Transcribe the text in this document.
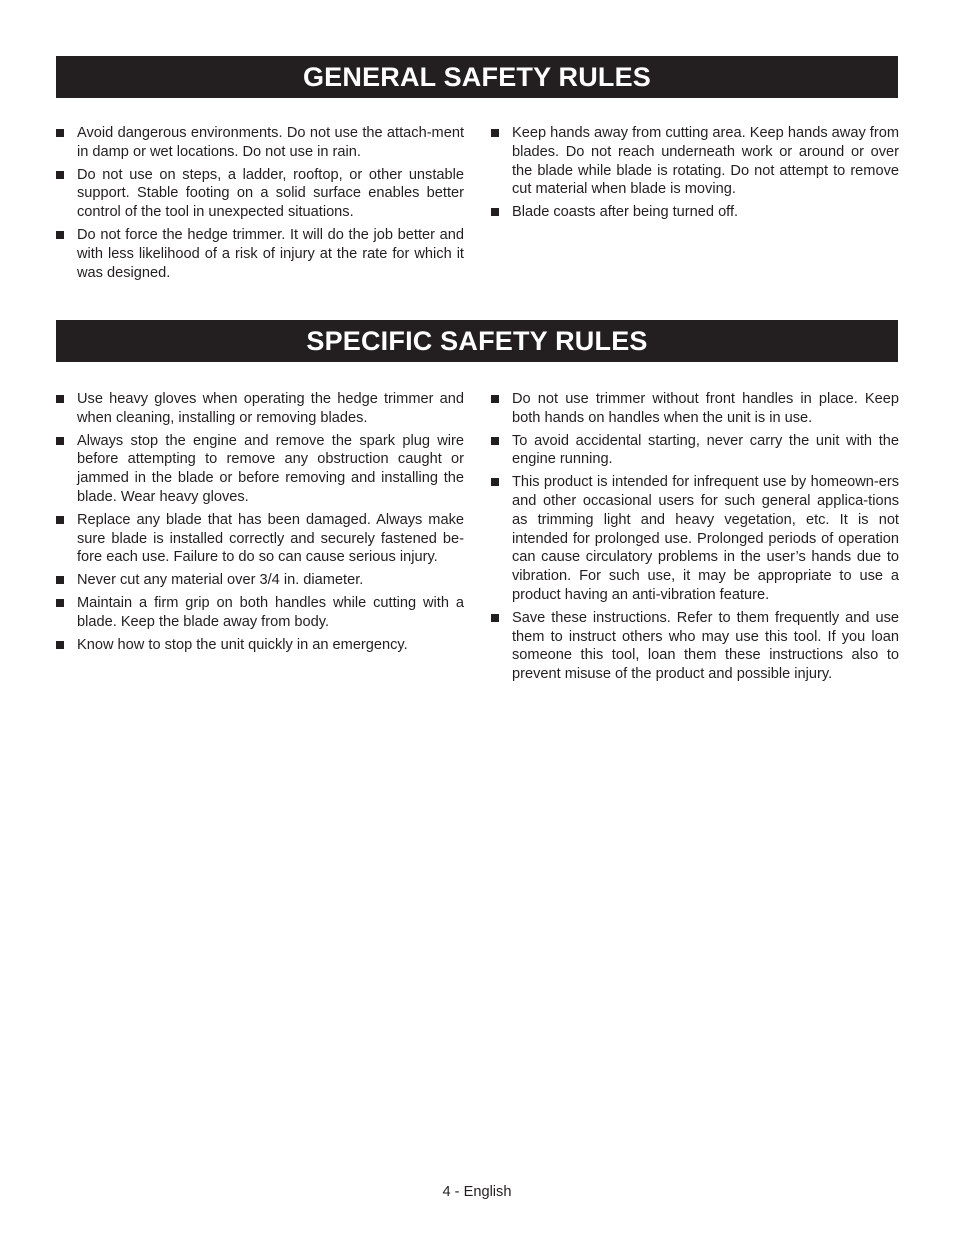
GENERAL SAFETY RULES
Avoid dangerous environments. Do not use the attach-ment in damp or wet locations. Do not use in rain.
Do not use on steps, a ladder, rooftop, or other unstable support. Stable footing on a solid surface enables better control of the tool in unexpected situations.
Do not force the hedge trimmer. It will do the job better and with less likelihood of a risk of injury at the rate for which it was designed.
Keep hands away from cutting area. Keep hands away from blades. Do not reach underneath work or around or over the blade while blade is rotating. Do not attempt to remove cut material when blade is moving.
Blade coasts after being turned off.
SPECIFIC SAFETY RULES
Use heavy gloves when operating the hedge trimmer and when cleaning, installing or removing blades.
Always stop the engine and remove the spark plug wire before attempting to remove any obstruction caught or jammed in the blade or before removing and installing the blade. Wear heavy gloves.
Replace any blade that has been damaged. Always make sure blade is installed correctly and securely fastened be-fore each use. Failure to do so can cause serious injury.
Never cut any material over 3/4 in. diameter.
Maintain a firm grip on both handles while cutting with a blade. Keep the blade away from body.
Know how to stop the unit quickly in an emergency.
Do not use trimmer without front handles in place. Keep both hands on handles when the unit is in use.
To avoid accidental starting, never carry the unit with the engine running.
This product is intended for infrequent use by homeown-ers and other occasional users for such general applica-tions as trimming light and heavy vegetation, etc. It is not intended for prolonged use. Prolonged periods of operation can cause circulatory problems in the user’s hands due to vibration. For such use, it may be appropriate to use a product having an anti-vibration feature.
Save these instructions. Refer to them frequently and use them to instruct others who may use this tool. If you loan someone this tool, loan them these instructions also to prevent misuse of the product and possible injury.
4 - English
